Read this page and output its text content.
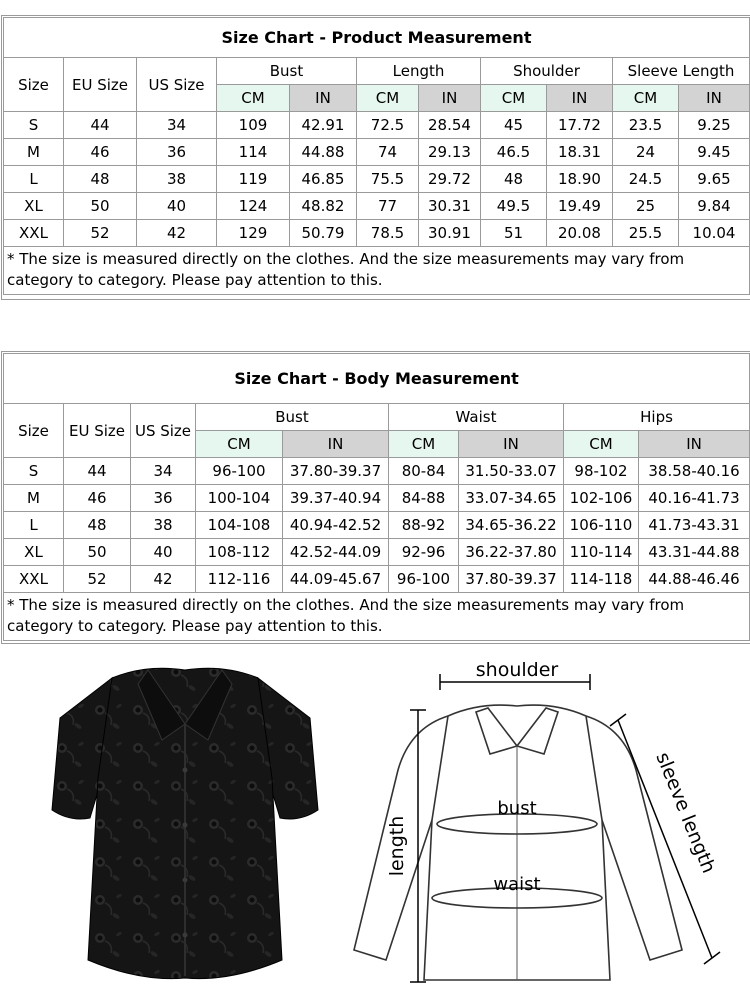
Size Chart - Product Measurement										
Size	EU Size	US Size	Bust		Length		Shoulder		Sleeve Length	
			CM	IN	CM	IN	CM	IN	CM	IN
S	44	34	109	42.91	72.5	28.54	45	17.72	23.5	9.25
M	46	36	114	44.88	74	29.13	46.5	18.31	24	9.45
L	48	38	119	46.85	75.5	29.72	48	18.90	24.5	9.65
XL	50	40	124	48.82	77	30.31	49.5	19.49	25	9.84
XXL	52	42	129	50.79	78.5	30.91	51	20.08	25.5	10.04
* The size is measured directly on the clothes. And the size measurements may vary from category to category. Please pay attention to this.										
Size Chart - Body Measurement								
Size	EU Size	US Size	Bust		Waist		Hips	
			CM	IN	CM	IN	CM	IN
S	44	34	96-100	37.80-39.37	80-84	31.50-33.07	98-102	38.58-40.16
M	46	36	100-104	39.37-40.94	84-88	33.07-34.65	102-106	40.16-41.73
L	48	38	104-108	40.94-42.52	88-92	34.65-36.22	106-110	41.73-43.31
XL	50	40	108-112	42.52-44.09	92-96	36.22-37.80	110-114	43.31-44.88
XXL	52	42	112-116	44.09-45.67	96-100	37.80-39.37	114-118	44.88-46.46
* The size is measured directly on the clothes. And the size measurements may vary from category to category. Please pay attention to this.								
shoulder
bust
waist
length	sleeve length
